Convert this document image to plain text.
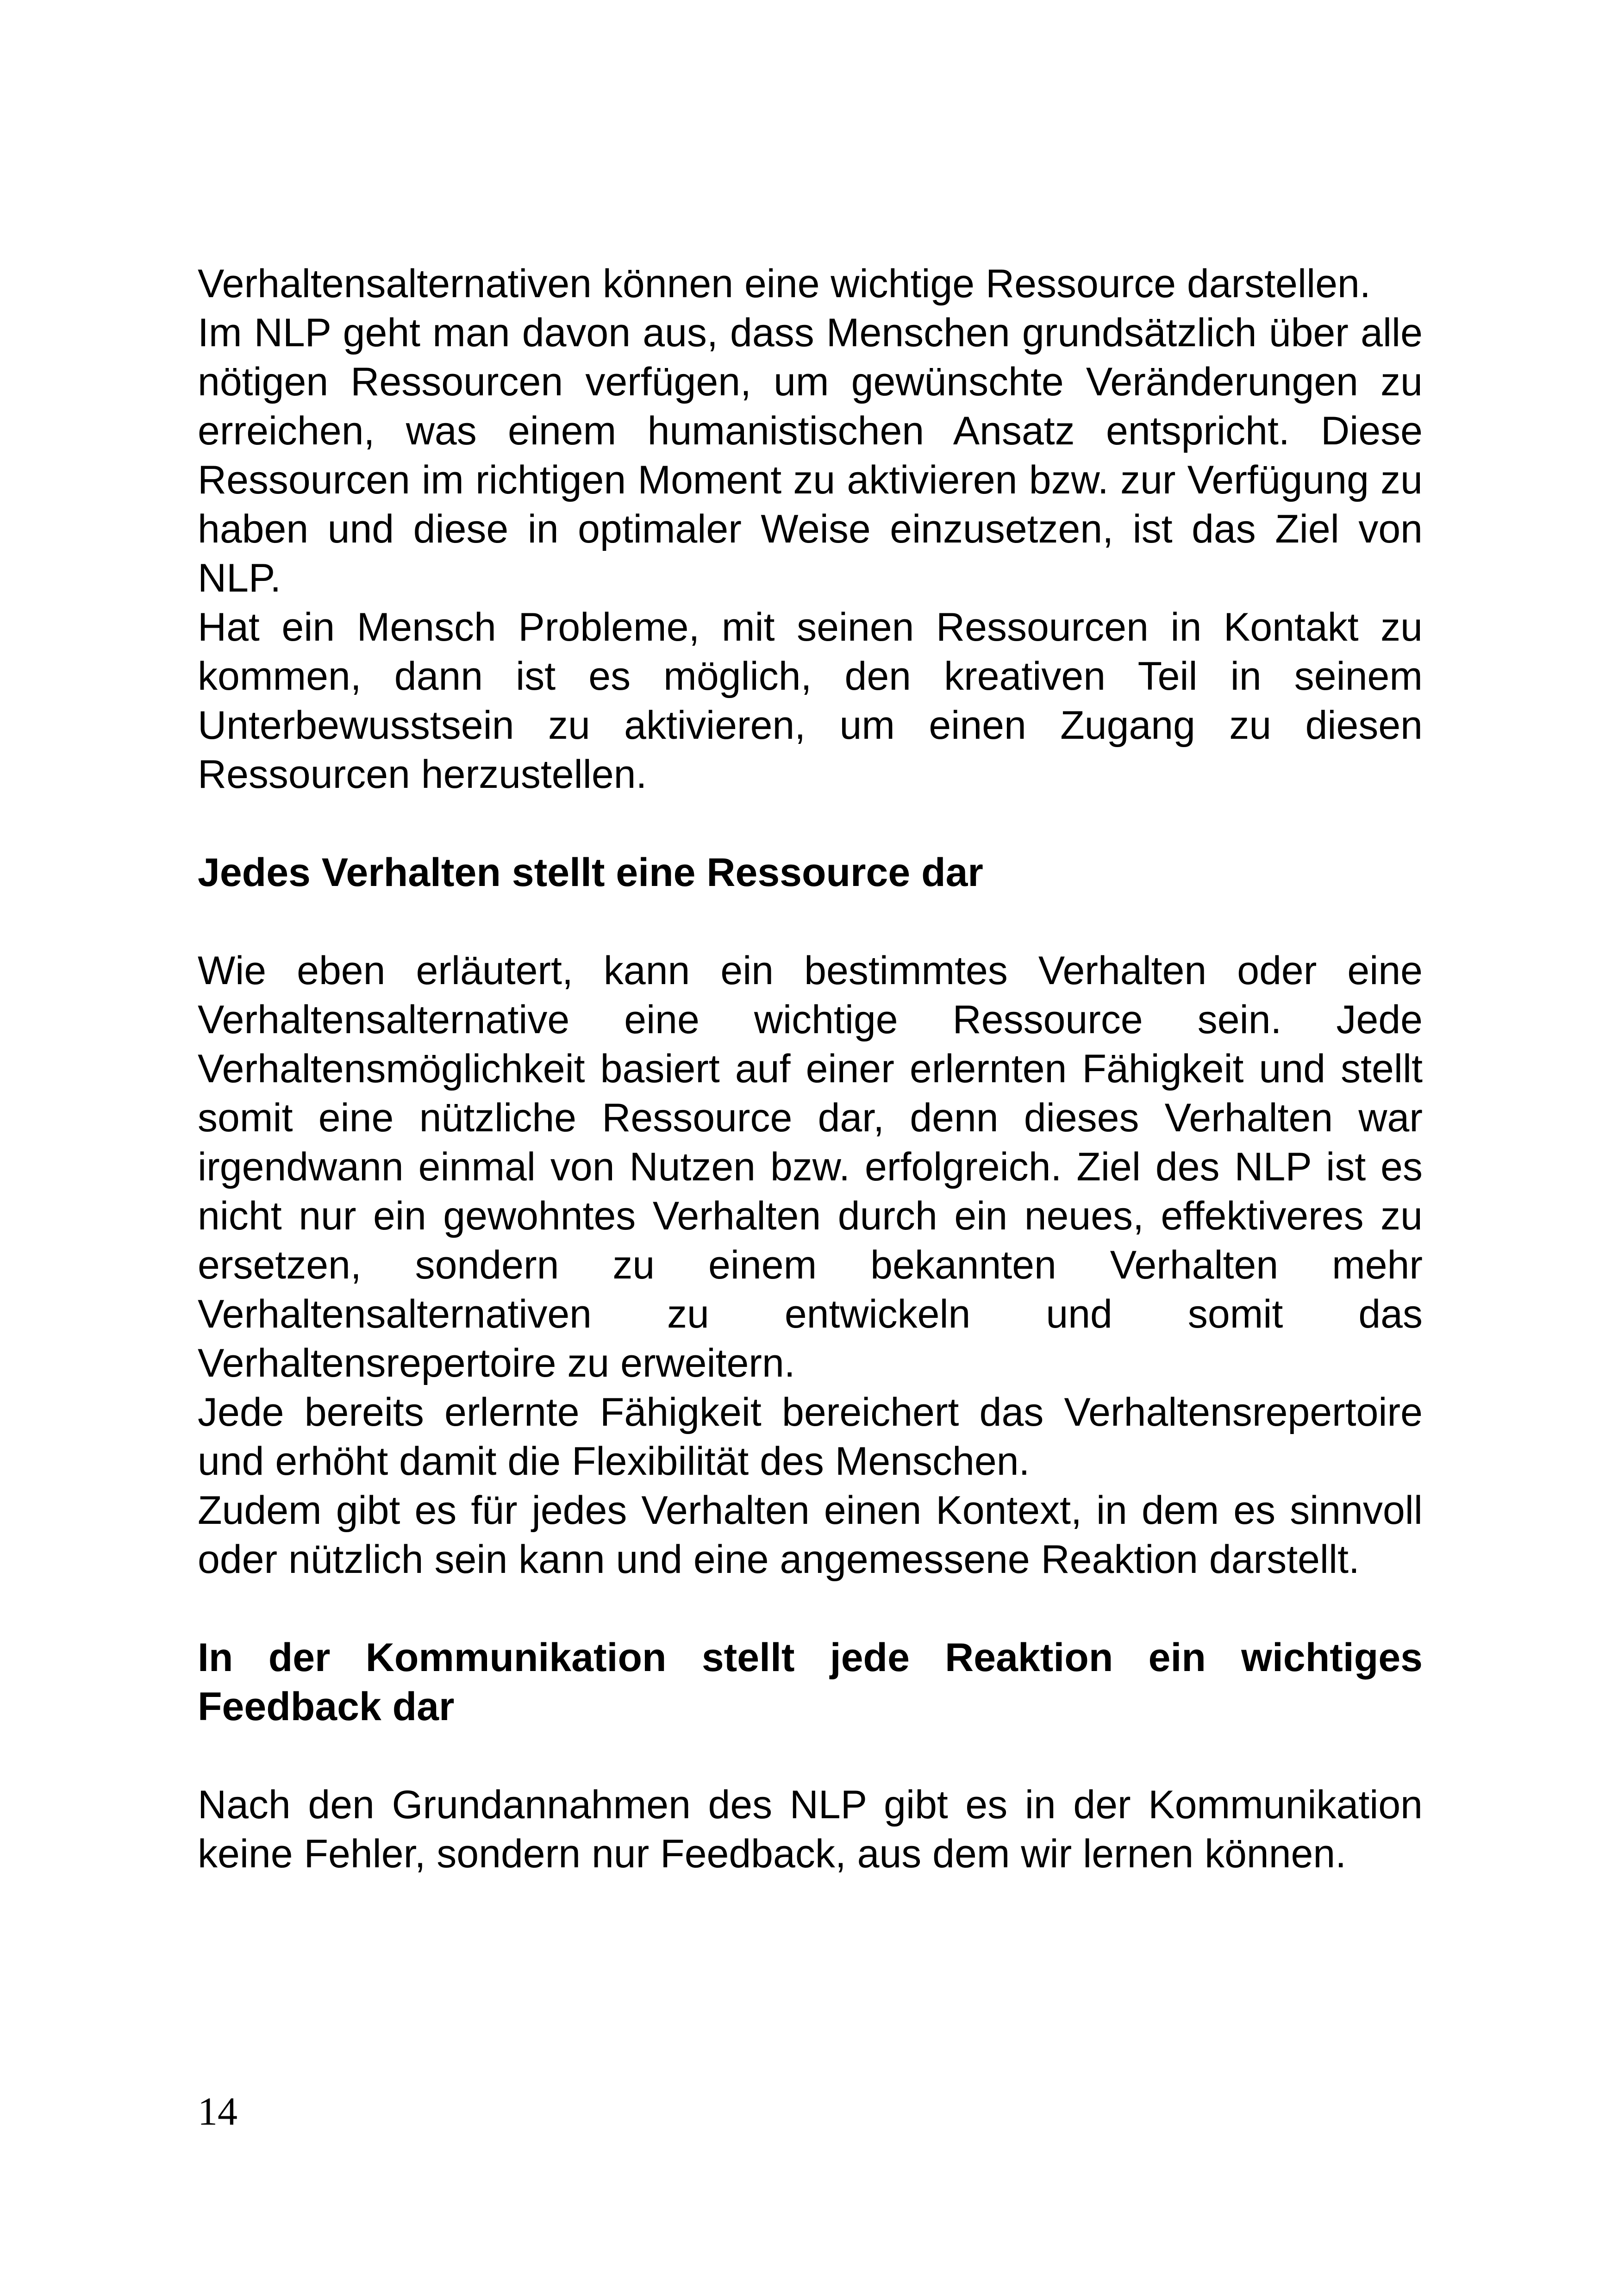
Verhaltensalternativen können eine wichtige Ressource darstellen.

Im NLP geht man davon aus, dass Menschen grundsätzlich über alle nötigen Ressourcen verfügen, um gewünschte Veränderungen zu erreichen, was einem humanistischen Ansatz entspricht. Diese Ressourcen im richtigen Moment zu aktivieren bzw. zur Verfügung zu haben und diese in optimaler Weise einzusetzen, ist das Ziel von NLP.

Hat ein Mensch Probleme, mit seinen Ressourcen in Kontakt zu kommen, dann ist es möglich, den kreativen Teil in seinem Unterbewusstsein zu aktivieren, um einen Zugang zu diesen Ressourcen herzustellen.

Jedes Verhalten stellt eine Ressource dar

Wie eben erläutert, kann ein bestimmtes Verhalten oder eine Verhaltensalternative eine wichtige Ressource sein. Jede Verhaltensmöglichkeit basiert auf einer erlernten Fähigkeit und stellt somit eine nützliche Ressource dar, denn dieses Verhalten war irgendwann einmal von Nutzen bzw. erfolgreich. Ziel des NLP ist es nicht nur ein gewohntes Verhalten durch ein neues, effektiveres zu ersetzen, sondern zu einem bekannten Verhalten mehr Verhaltensalternativen zu entwickeln und somit das Verhaltensrepertoire zu erweitern.

Jede bereits erlernte Fähigkeit bereichert das Verhaltensrepertoire und erhöht damit die Flexibilität des Menschen.

Zudem gibt es für jedes Verhalten einen Kontext, in dem es sinnvoll oder nützlich sein kann und eine angemessene Reaktion darstellt.

In der Kommunikation stellt jede Reaktion ein wichtiges Feedback dar

Nach den Grundannahmen des NLP gibt es in der Kommunikation keine Fehler, sondern nur Feedback, aus dem wir lernen können.

14
